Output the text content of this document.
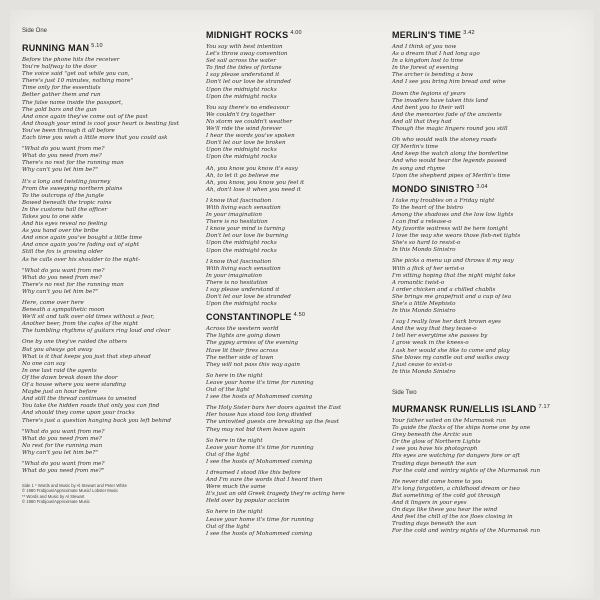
Side One
RUNNING MAN $^{5.10}$
Before the phone hits the receiver
You're halfway to the door
The voice said "get out while you can,
There's just 10 minutes, nothing more"
Time only for the essentials
Better gather them and run
The false name inside the passport,
The gold bars and the gun
And once again they've come out of the past
And though your mind is cool your heart is beating fast
You've been through it all before
Each time you wish a little more that you could ask
"What do you want from me?
What do you need from me?
There's no rest for the running man
Why can't you let him be?"
It's a long and twisting journey
From the sweeping northern plains
To the outcrops of the jungle
Bowed beneath the tropic rains
In the customs hall the officer
Takes you to one side
And his eyes reveal no feeling
As you hand over the bribe
And once again you've bought a little time
And once again you're fading out of sight
Still the fox is growing older
As he calls over his shoulder to the night-
"What do you want from me?
What do you need from me?
There's no rest for the running man
Why can't you let him be?"
Here, come over here
Beneath a sympathetic moon
We'll sit and talk over old times without a fear,
Another beer, from the cafes of the night
The tumbling rhythms of guitars ring loud and clear
One by one they've raided the others
But you always got away
What is it that keeps you just that step ahead
No one can say
In one last raid the agents
Of the dawn break down the door
Of a house where you were standing
Maybe just an hour before
And still the thread continues to unwind
You take the hidden roads that only you can find
And should they come upon your tracks
There's just a question hanging back you left behind
"What do you want from me?
What do you need from me?
No rest for the running man
Why can't you let him be?"
"What do you want from me?
What do you need from me?"
Side 1 * Words and Music by Al Stewart and Peter White
© 1980 Frabjous/Approximate Music/ Lobster Music
** Words and Music by Al Stewart
© 1980 Frabjous/Approximate Music
MIDNIGHT ROCKS $^{4.00}$
You say with best intention
Let's throw away convention
Set sail across the water
To find the tides of fortune
I say please understand it
Don't let our love be stranded
Upon the midnight rocks
Upon the midnight rocks
You say there's no endeavour
We couldn't try together
No storm we couldn't weather
We'll ride the wind forever
I hear the words you've spoken
Don't let our love be broken
Upon the midnight rocks
Upon the midnight rocks
Ah, you know you know it's easy
Ah, to let it go believe me
Ah, you know, you know you feel it
Ah, don't lose it when you need it
I know that fascination
With living each sensation
In your imagination
There is no hesitation
I know your mind is turning
Don't let our love lie burning
Upon the midnight rocks
Upon the midnight rocks
I know that fascination
With living each sensation
In your imagination
There is no hesitation
I say please understand it
Don't let our love be stranded
Upon the midnight rocks
CONSTANTINOPLE $^{4.50}$
Across the western world
The lights are going down
The gypsy armies of the evening
Have lit their fires across
The nether side of town
They will not pass this way again
So here in the night
Leave your home it's time for running
Out of the light
I see the hosts of Mohammed coming
The Holy Sister bars her doors against the East
Her house has stood too long divided
The uninvited guests are breaking up the feast
They may not bid them leave again
So here in the night
Leave your home it's time for running
Out of the light
I see the hosts of Mohammed coming
I dreamed I stood like this before
And I'm sure the words that I heard then
Were much the same
It's just an old Greek tragedy they're acting here
Held over by popular acclaim
So here in the night
Leave your home it's time for running
Out of the light
I see the hosts of Mohammed coming
MERLIN'S TIME $^{3.42}$
And I think of you now
As a dream that I had long ago
In a kingdom lost to time
In the forest of evening
The archer is bending a bow
And I see you bring him bread and wine
Down the legions of years
The invaders have taken this land
And bent you to their will
And the memories fade of the ancients
And all that they had
Though the magic lingers round you still
Oh who would walk the stoney roads
Of Merlin's time
And keep the watch along the borderline
And who would hear the legends passed
In song and rhyme
Upon the shepherd pipes of Merlin's time
MONDO SINISTRO $^{3.04}$
I take my troubles on a Friday night
To the heart of the bistro
Among the shadows and the low low lights
I can find a release-o
My favorite waitress will be here tonight
I love the way she wears those fish-net tights
She's so hard to resist-o
In this Mondo Sinistro
She picks a menu up and throws it my way
With a flick of her wrist-o
I'm sitting hoping that the night might take
A romantic twist-o
I order chicken and a chilled chablis
She brings me grapefruit and a cup of tea
She's a little Mephisto
In this Mondo Sinistro
I say I really love her dark brown eyes
And the way that they tease-o
I tell her everytime she passes by
I grow weak in the knees-o
I ask her would she like to come and play
She blows my candle out and walks away
I just cease to exist-o
In this Mondo Sinistro
Side Two
MURMANSK RUN/ELLIS ISLAND $^{7.17}$
Your father sailed on the Murmansk run
To guide the flocks of the ships home one by one
Grey beneath the Arctic sun
Or the glow of Northern Lights
I see you have his photograph
His eyes are watching for dangers fore or aft
Trading days beneath the sun
For the cold and wintry nights of the Murmansk run
He never did come home to you
It's long forgotten, a childhood dream or two
But something of the cold got through
And it lingers in your eyes
On days like these you hear the wind
And feel the chill of the ice floes closing in
Trading days beneath the sun
For the cold and wintry nights of the Murmansk run
